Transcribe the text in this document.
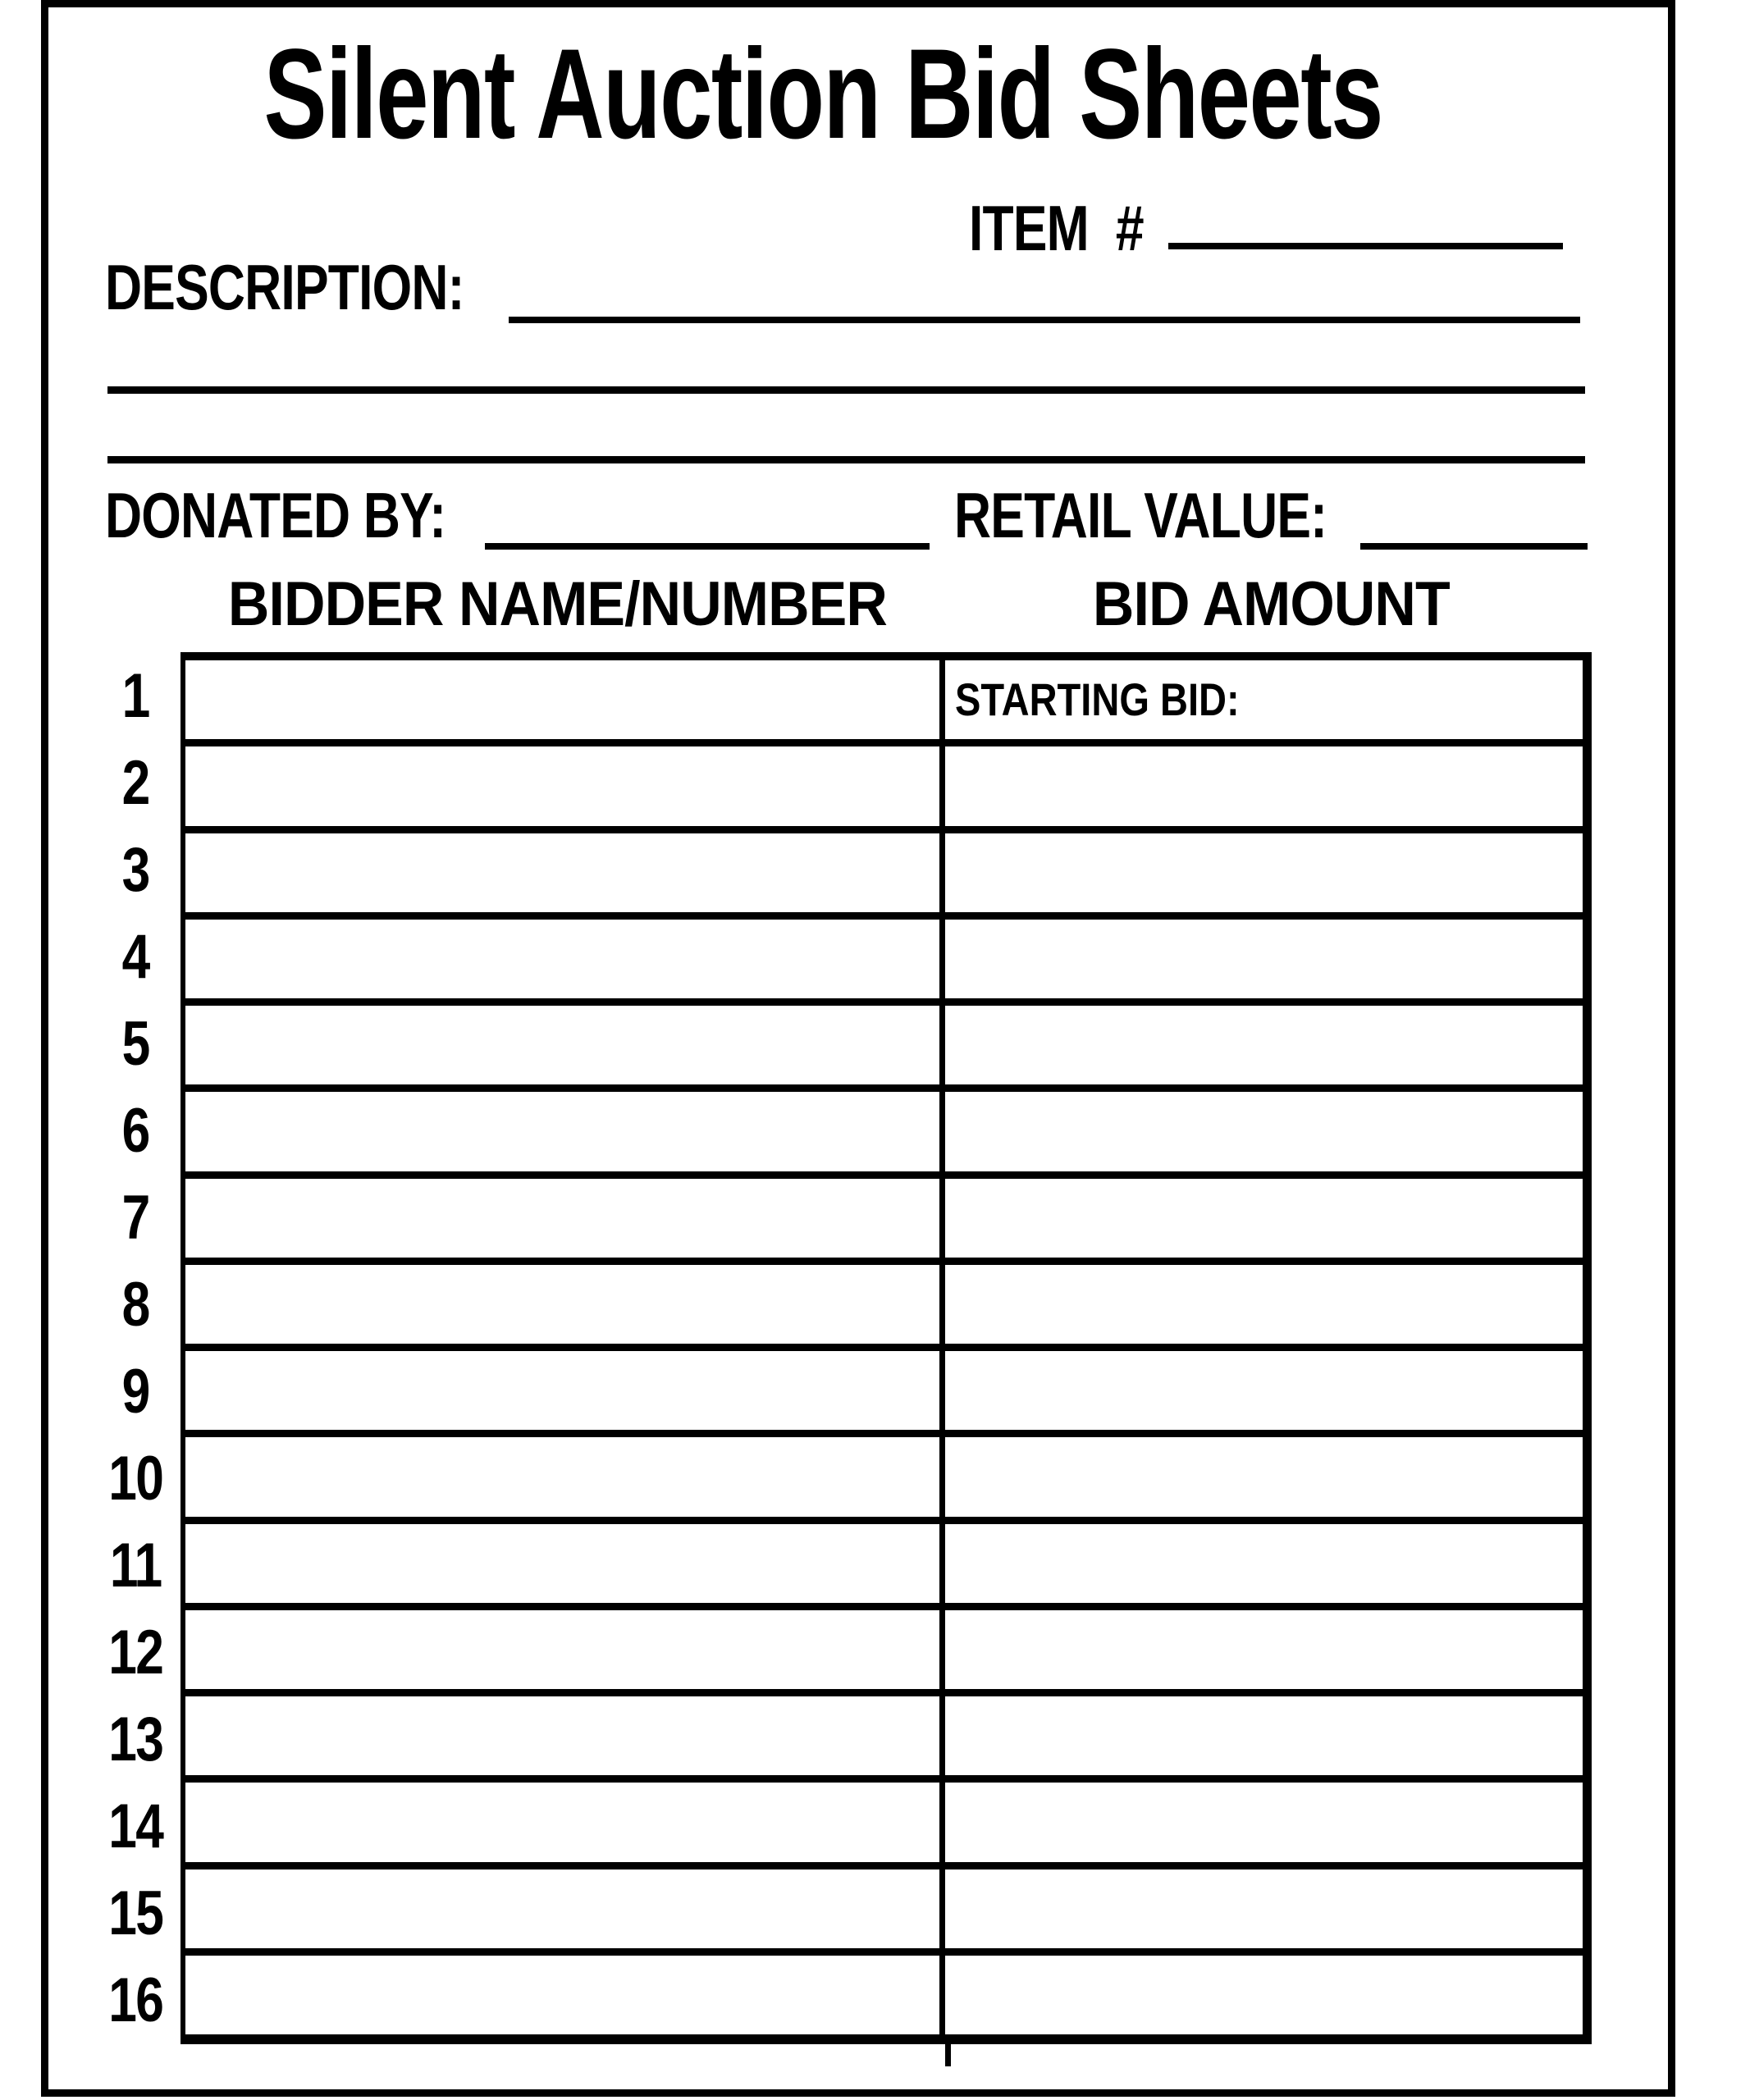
Silent Auction Bid Sheets
ITEM  #
DESCRIPTION:
DONATED BY:	RETAIL VALUE:
BIDDER NAME/NUMBER	BID AMOUNT
1
2
3
4
5
6
7
8
9
10
11
12
13
14
15
16
STARTING BID:
